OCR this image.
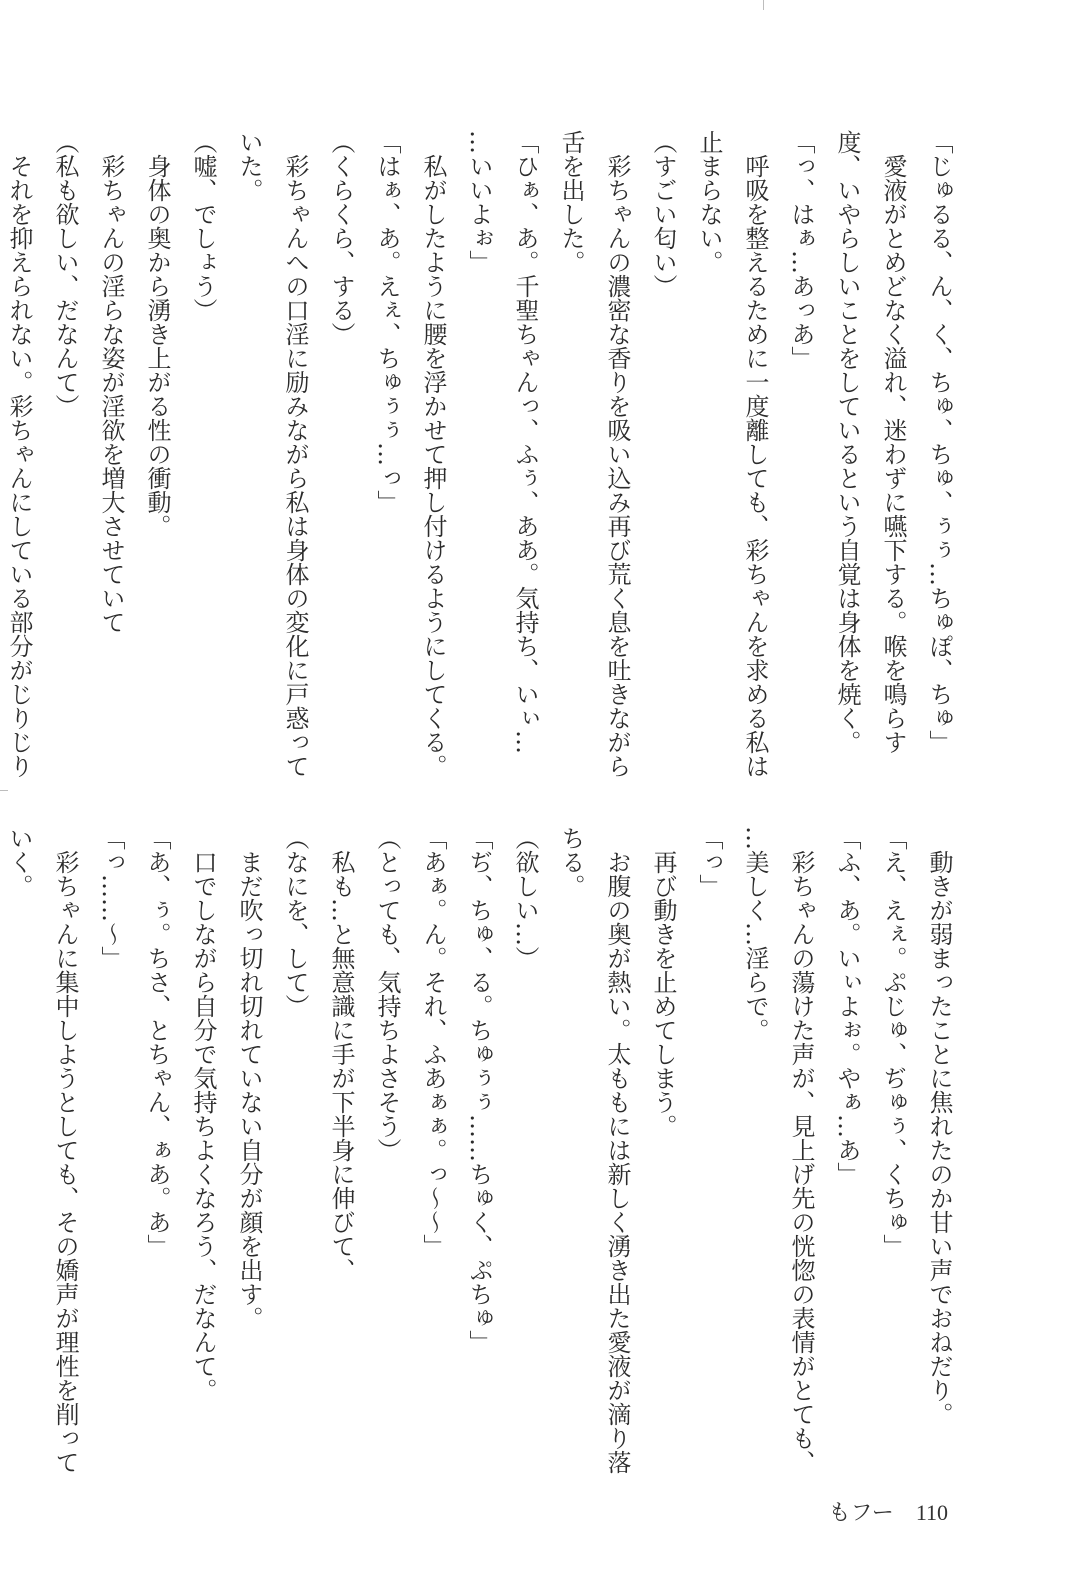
「じゅるる、ん、く、ちゅ、ちゅ、ぅぅ…ちゅぽ、ちゅ」
　愛液がとめどなく溢れ、迷わずに嚥下する。喉を鳴らす
度、いやらしいことをしているという自覚は身体を焼く。
「っ、はぁ…あっあ」
　呼吸を整えるために一度離しても、彩ちゃんを求める私は
止まらない。
（すごい匂い）
　彩ちゃんの濃密な香りを吸い込み再び荒く息を吐きながら
舌を出した。
「ひぁ、あ。千聖ちゃんっ、ふぅ、ああ。気持ち、いぃ…
…いいよぉ」
　私がしたように腰を浮かせて押し付けるようにしてくる。
「はぁ、あ。えぇ、ちゅぅぅ…っ」
（くらくら、する）
　彩ちゃんへの口淫に励みながら私は身体の変化に戸惑って
いた。
（嘘、でしょう）
　身体の奥から湧き上がる性の衝動。
　彩ちゃんの淫らな姿が淫欲を増大させていて
（私も欲しい、だなんて）
　それを抑えられない。彩ちゃんにしている部分がじりじり
　動きが弱まったことに焦れたのか甘い声でおねだり。
「え、えぇ。ぷじゅ、ぢゅぅ、くちゅ」
「ふ、あ。いぃよぉ。やぁ…あ」
　彩ちゃんの蕩けた声が、見上げ先の恍惚の表情がとても、
…美しく…淫らで。
「っ」
　再び動きを止めてしまう。
　お腹の奥が熱い。太ももには新しく湧き出た愛液が滴り落
ちる。
（欲しい…）
「ぢ、ちゅ、る。ちゅぅぅ……ちゅく、ぷちゅ」
「あぁ。ん。それ、ふあぁぁ。っ〜〜」
（とっても、気持ちよさそう）
　私も…と無意識に手が下半身に伸びて、
（なにを、して）
　まだ吹っ切れ切れていない自分が顔を出す。
　口でしながら自分で気持ちよくなろう、だなんて。
「あ、ぅ。ちさ、とちゃん、ぁあ。あ」
「っ……〜」
　彩ちゃんに集中しようとしても、その嬌声が理性を削って
いく。
もフー 110
